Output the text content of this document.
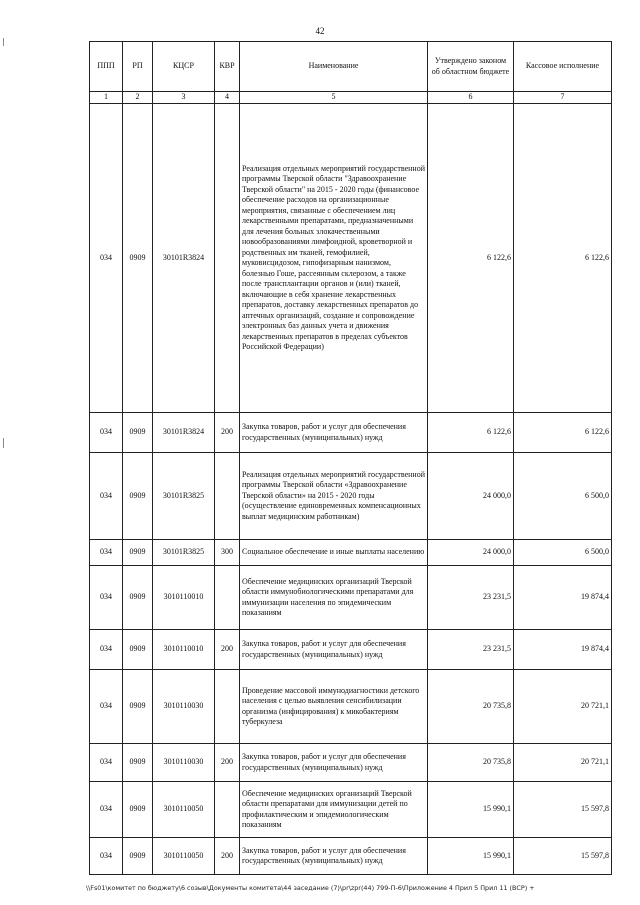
42
ППП	РП	КЦСР	КВР	Наименование	Утверждено законом об областном бюджете	Кассовое исполнение
1	2	3	4	5	6	7
034	0909	30101R3824		Реализация отдельных мероприятий государственной программы Тверской области "Здравоохранение Тверской области" на 2015 - 2020 годы (финансовое обеспечение расходов на организационные мероприятия, связанные с обеспечением лиц лекарственными препаратами, предназначенными для лечения больных злокачественными новообразованиями лимфоидной, кроветворной и родственных им тканей, гемофилией, муковисцидозом, гипофизарным нанизмом, болезнью Гоше, рассеянным склерозом, а также после трансплантации органов и (или) тканей, включающие в себя хранение лекарственных препаратов, доставку лекарственных препаратов до аптечных организаций, создание и сопровождение электронных баз данных учета и движения лекарственных препаратов в пределах субъектов Российской Федерации)	6 122,6	6 122,6
034	0909	30101R3824	200	Закупка товаров, работ и услуг для обеспечения государственных (муниципальных) нужд	6 122,6	6 122,6
034	0909	30101R3825		Реализация отдельных мероприятий государственной программы Тверской области «Здравоохранение Тверской области» на 2015 - 2020 годы (осуществление единовременных компенсационных выплат медицинским работникам)	24 000,0	6 500,0
034	0909	30101R3825	300	Социальное обеспечение и иные выплаты населению	24 000,0	6 500,0
034	0909	3010110010		Обеспечение медицинских организаций Тверской области иммунобиологическими препаратами для иммунизации населения по эпидемическим показаниям	23 231,5	19 874,4
034	0909	3010110010	200	Закупка товаров, работ и услуг для обеспечения государственных (муниципальных) нужд	23 231,5	19 874,4
034	0909	3010110030		Проведение массовой иммунодиагностики детского населения с целью выявления сенсибилизации организма (инфицирования) к микобактериям туберкулеза	20 735,8	20 721,1
034	0909	3010110030	200	Закупка товаров, работ и услуг для обеспечения государственных (муниципальных) нужд	20 735,8	20 721,1
034	0909	3010110050		Обеспечение медицинских организаций Тверской области препаратами для иммунизации детей по профилактическим и эпидемиологическим показаниям	15 990,1	15 597,8
034	0909	3010110050	200	Закупка товаров, работ и услуг для обеспечения государственных (муниципальных) нужд	15 990,1	15 597,8
\\Fs01\комитет по бюджету\6 созыв\Документы комитета\44 заседание (7)\pr\zpr(44) 799-П-6\Приложение 4 Прил 5 Прил 11 (ВСР) +
